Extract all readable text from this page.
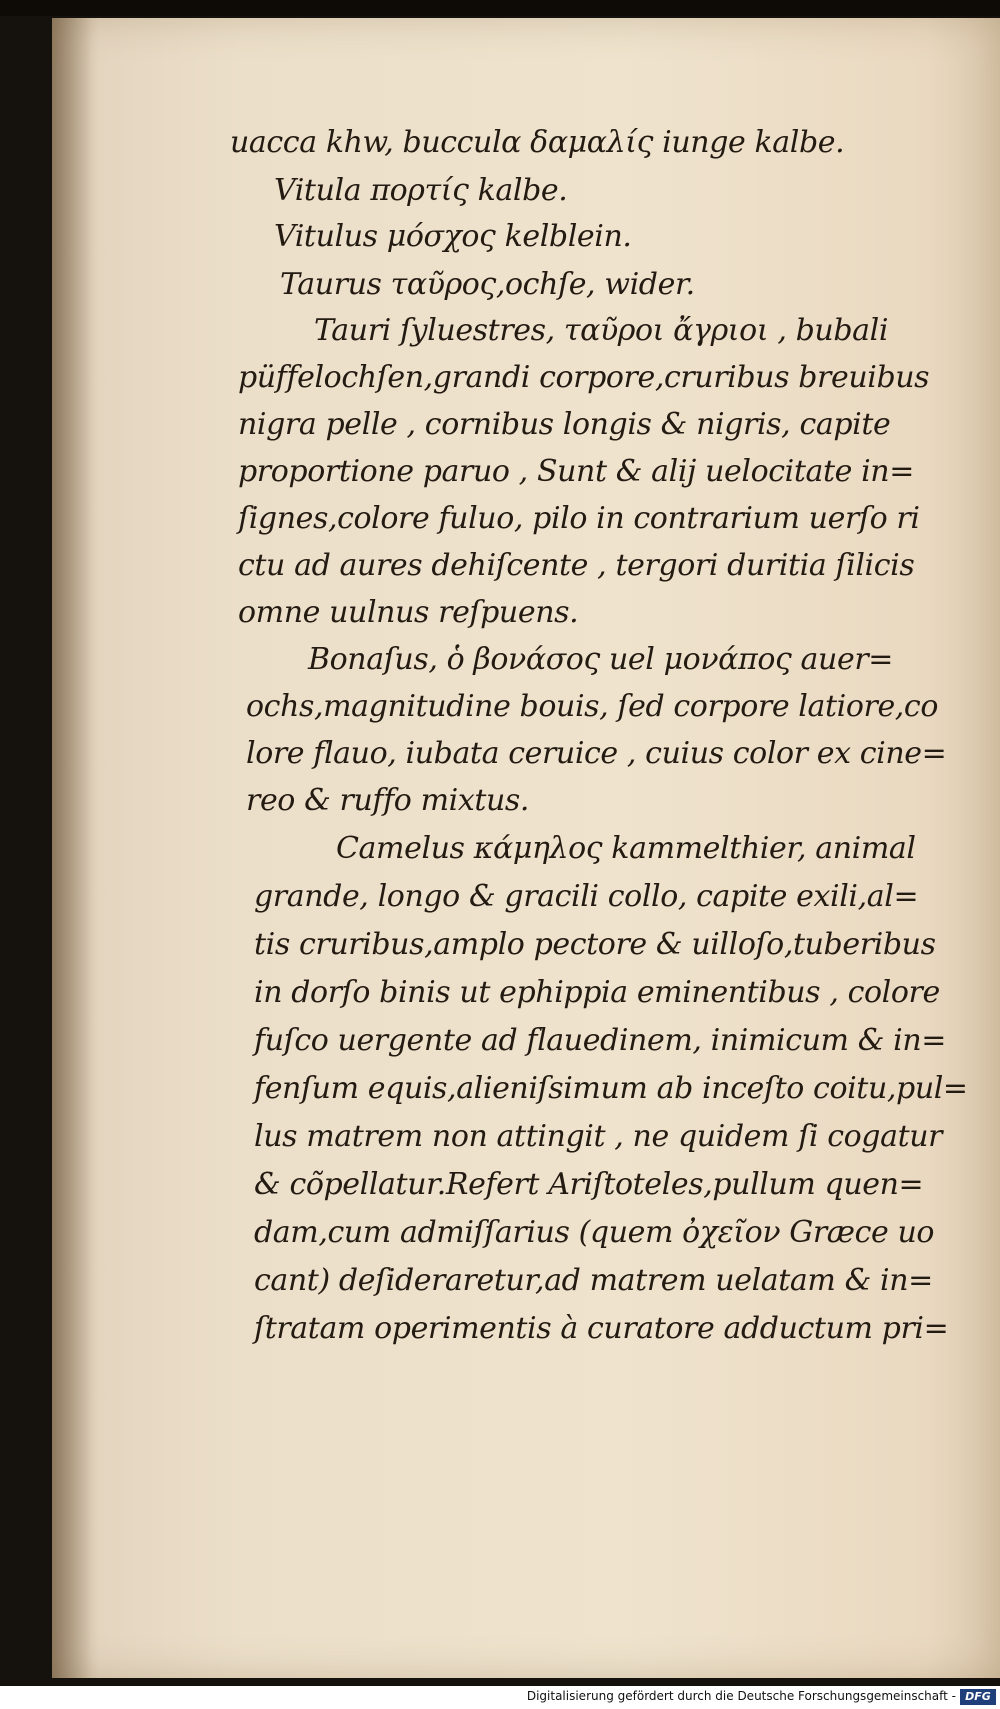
uacca khw, bucculα δαμαλίς iunge kalbe.
Vitula πορτίς kalbe.
Vitulus μόσχος kelblein.
Taurus ταῦρος,ochſe, wider.
Tauri ſyluestres, ταῦροι ἄγριοι , bubali
püffelochſen,grandi corpore,cruribus breuibus
nigra pelle , cornibus longis & nigris, capite
proportione paruo , Sunt & alij uelocitate in=
ſignes,colore fuluo, pilo in contrarium uerſo ri
ctu ad aures dehiſcente , tergori duritia ſilicis
omne uulnus reſpuens.
Bonaſus, ὁ βονάσος uel μονάπος auer=
ochs,magnitudine bouis, ſed corpore latiore,co
lore flauo, iubata ceruice , cuius color ex cine=
reo & ruffo mixtus.
Camelus κάμηλος kammelthier, animal
grande, longo & gracili collo, capite exili,al=
tis cruribus,amplo pectore & uilloſo,tuberibus
in dorſo binis ut ephippia eminentibus , colore
fuſco uergente ad flauedinem, inimicum & in=
fenſum equis,alieniſsimum ab inceſto coitu,pul=
lus matrem non attingit , ne quidem ſi cogatur
& cõpellatur.Refert Ariſtoteles,pullum quen=
dam,cum admiſſarius (quem ὀχεῖον Græce uo
cant) deſideraretur,ad matrem uelatam & in=
ſtratam operimentis à curatore adductum pri=
Digitalisierung gefördert durch die Deutsche Forschungsgemeinschaft - DFG
